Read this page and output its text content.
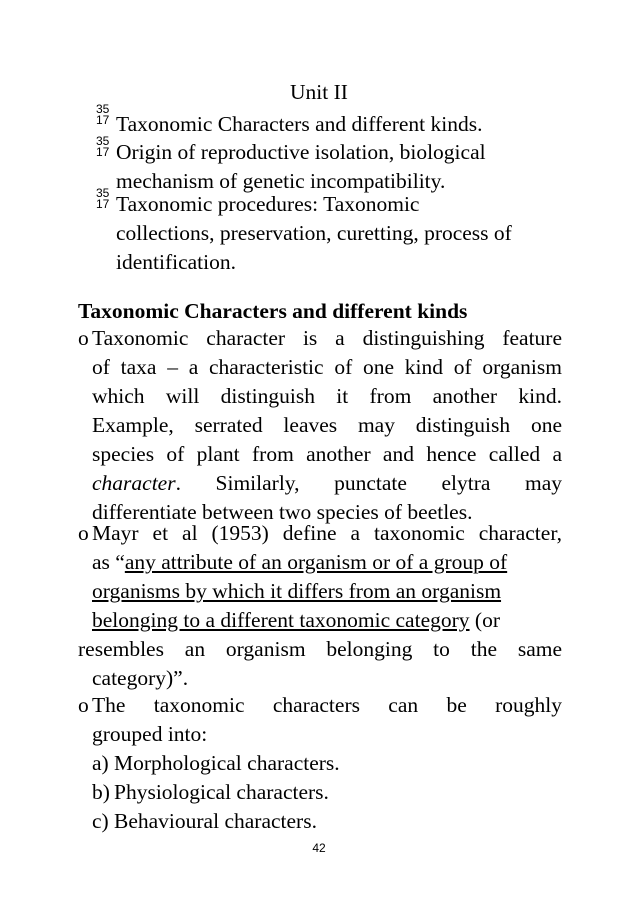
Unit II
35
17 Taxonomic Characters and different kinds.
35
17 Origin of reproductive isolation, biological
mechanism of genetic incompatibility.
35
17 Taxonomic procedures: Taxonomic
collections, preservation, curetting, process of
identification.
Taxonomic Characters and different kinds
o Taxonomic character is a distinguishing feature
of taxa – a characteristic of one kind of organism
which will distinguish it from another kind.
Example, serrated leaves may distinguish one
species of plant from another and hence called a
character . Similarly, punctate elytra may
differentiate between two species of beetles.
o Mayr et al (1953) define a taxonomic character,
as “any attribute of an organism or of a group of
organisms by which it differs from an organism
belonging to a different taxonomic category (or
resembles an organism belonging to the same
category)”.
o The taxonomic characters can be roughly
grouped into:
a) Morphological characters.
b) Physiological characters.
c) Behavioural characters.
42
